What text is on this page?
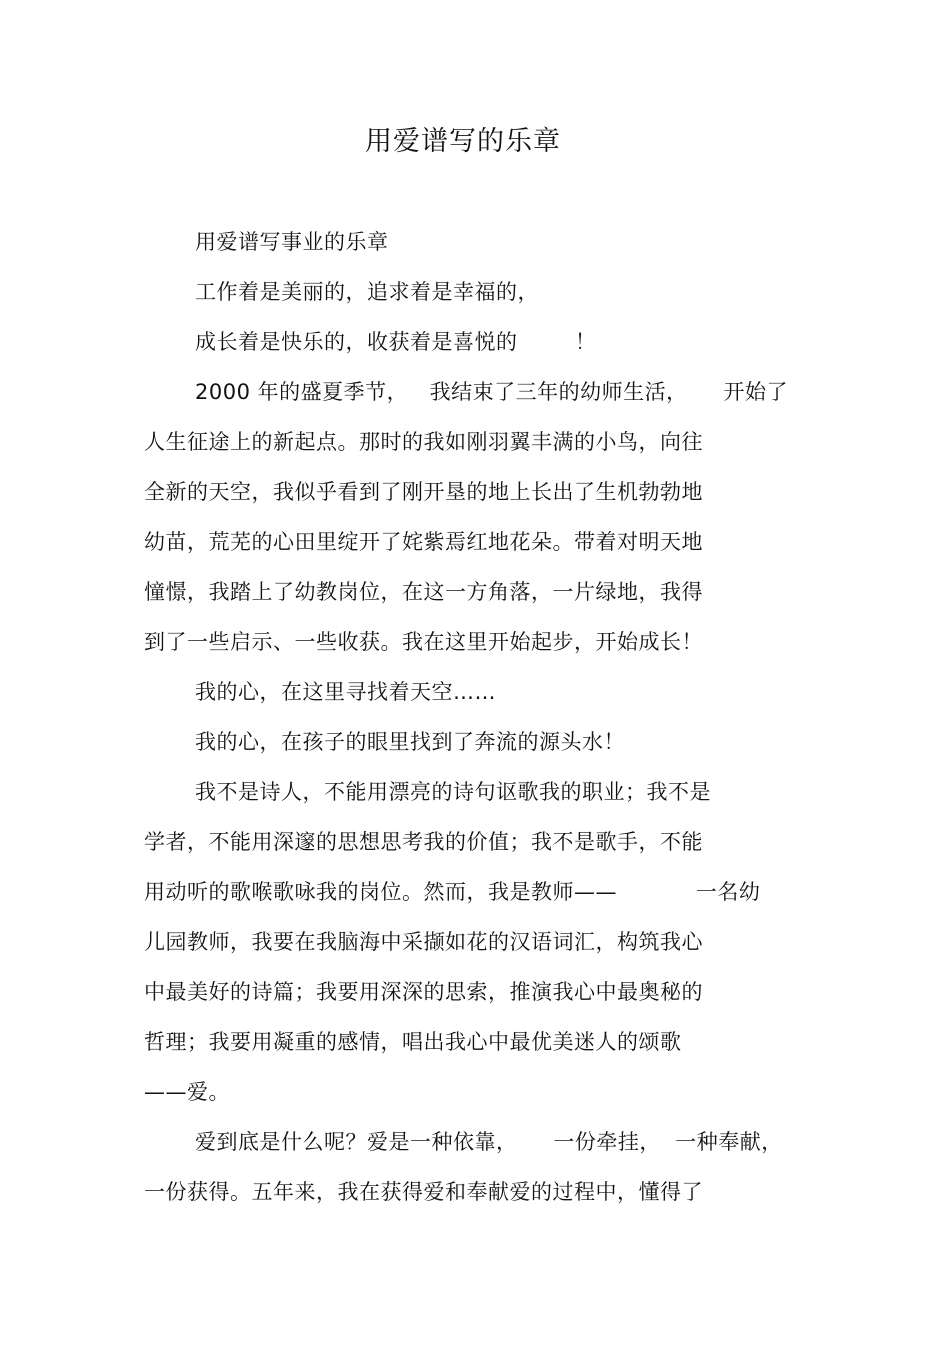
用爱谱写的乐章
用爱谱写事业的乐章
工作着是美丽的，追求着是幸福的，
成长着是快乐的，收获着是喜悦的        ！
2000 年的盛夏季节，   我结束了三年的幼师生活，     开始了
人生征途上的新起点。那时的我如刚羽翼丰满的小鸟，向往
全新的天空，我似乎看到了刚开垦的地上长出了生机勃勃地
幼苗，荒芜的心田里绽开了姹紫焉红地花朵。带着对明天地
憧憬，我踏上了幼教岗位，在这一方角落，一片绿地，我得
到了一些启示、一些收获。我在这里开始起步，开始成长！
我的心，在这里寻找着天空……
我的心，在孩子的眼里找到了奔流的源头水！
我不是诗人，不能用漂亮的诗句讴歌我的职业；我不是
学者，不能用深邃的思想思考我的价值；我不是歌手，不能
用动听的歌喉歌咏我的岗位。然而，我是教师——           一名幼
儿园教师，我要在我脑海中采撷如花的汉语词汇，构筑我心
中最美好的诗篇；我要用深深的思索，推演我心中最奥秘的
哲理；我要用凝重的感情，唱出我心中最优美迷人的颂歌
——爱。
爱到底是什么呢？爱是一种依靠，     一份牵挂，  一种奉献，
一份获得。五年来，我在获得爱和奉献爱的过程中，懂得了
